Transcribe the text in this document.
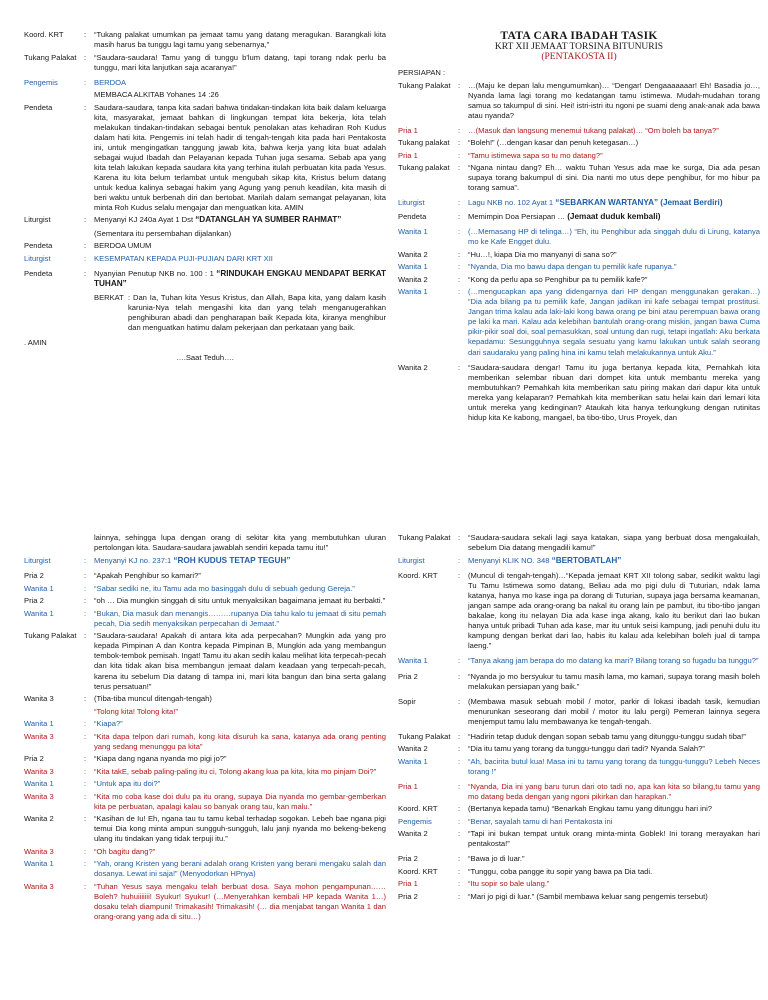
Koord. KRT	:	“Tukang palakat umumkan pa jemaat tamu yang datang meragukan. Barangkali kita masih harus ba tunggu lagi tamu yang sebenarnya,”
Tukang Palakat :	“Saudara-saudara! Tamu yang di tunggu b'lum datang, tapi torang ndak perlu ba tunggu, mari kita lanjutkan saja acaranya!”
Pengemis	:	BERDOA
MEMBACA ALKITAB Yohanes 14 :26
Pendeta	:	Saudara-saudara, tanpa kita sadari bahwa tindakan-tindakan kita baik dalam keluarga kita, masyarakat, jemaat bahkan di lingkungan tempat kita bekerja, kita telah melakukan tindakan-tindakan sebagai bentuk penolakan atas kehadiran Roh Kudus dalam hati kita. Pengemis ini telah hadir di tengah-tengah kita pada hari Pentakosta ini, untuk mengingatkan tanggung jawab kita, bahwa kerja yang kita buat adalah sebagai wujud Ibadah dan Pelayanan kepada Tuhan juga sesama. Sebab apa yang kita telah lakukan kepada saudara kita yang terhina itulah perbuatan kita pada Yesus. Karena itu kita belum terlambat untuk mengubah sikap kita, Kristus belum datang untuk kedua kalinya sebagai hakim yang Agung yang penuh keadilan, kita masih di beri waktu untuk berbenah diri dan bertobat. Marilah dalam semangat pelayanan, kita minta Roh Kudus selalu mengajar dan menguatkan kita. AMIN
Liturgist	:	Menyanyi KJ 240a Ayat 1 Dst “DATANGLAH YA SUMBER RAHMAT”
(Sementara itu persembahan dijalankan)
Pendeta	:	BERDOA UMUM
Liturgist	:	KESEMPATAN KEPADA PUJI-PUJIAN DARI KRT XII
Pendeta	:	Nyanyian Penutup NKB no. 100 : 1 “RINDUKAH ENGKAU MENDAPAT BERKAT TUHAN”
BERKAT : Dan Ia, Tuhan kita Yesus Kristus, dan Allah, Bapa kita, yang dalam kasih karunia-Nya telah mengasihi kita dan yang telah menganugerahkan penghiburan abadi dan pengharapan baik Kepada kita, kiranya menghibur dan menguatkan hatimu dalam pekerjaan dan perkataan yang baik.
. AMIN
….Saat Teduh….
TATA CARA IBADAH TASIK
KRT XII JEMAAT TORSINA BITUNURIS
(PENTAKOSTA II)
PERSIAPAN :
Tukang Palakat :	…(Maju ke depan lalu mengumumkan)… “Dengar! Dengaaaaaaar! Eh! Basadia jo…, Nyanda lama lagi torang mo kedatangan tamu istimewa. Mudah-mudahan torang samua so takumpul di sini. Hei! istri-istri itu ngoni pe suami deng anak-anak ada bawa atau nyanda?
Pria 1	:	…(Masuk dan langsung menemui tukang palakat)… “Om boleh ba tanya?”
Tukang palakat	:	“Boleh!” (…dengan kasar dan penuh ketegasan…)
Pria 1	:	“Tamu istimewa sapa so tu mo datang?”
Tukang palakat	:	“Ngana nintau dang? Eh… waktu Tuhan Yesus ada mae ke surga, Dia ada pesan supaya torang bakumpul di sini. Dia nanti mo utus depe penghibur, for mo hibur pa torang samua”.
Liturgist	:	Lagu NKB no. 102 Ayat 1 “SEBARKAN WARTANYA” (Jemaat Berdiri)
Pendeta	:	Memimpin Doa Persiapan … (Jemaat duduk kembali)
Wanita 1	:	(…Memasang HP di telinga…) “Eh, itu Penghibur ada singgah dulu di Lirung, katanya mo ke Kafe Engget dulu.
Wanita 2	:	“Hu…!, kiapa Dia mo manyanyi di sana so?”
Wanita 1	:	“Nyanda, Dia mo bawu dapa dengan tu pemilik kafe rupanya.”
Wanita 2	:	“Kong da perlu apa so Penghibur pa tu pemilik kafe?”
Wanita 1	:	(…mengucapkan apa yang didengarnya dari HP dengan menggunakan gerakan…) “Dia ada bilang pa tu pemilik kafe, Jangan jadikan ini kafe sebagai tempat prostitusi. Jangan trima kalau ada laki-laki kong bawa orang pe bini atau perempuan bawa orang pe laki ka mari. Kalau ada kelebihan bantulah orang-orang miskin, jangan bawa Cuma pikir-pikir soal doi, soal pemasukkan, soal untung dan rugi, tetapi ingatlah: Aku berkata kepadamu: Sesungguhnya segala sesuatu yang kamu lakukan untuk salah seorang dari saudaraku yang paling hina ini kamu telah melakukannya untuk Aku.”
Wanita 2	:	“Saudara-saudara dengar! Tamu itu juga bertanya kepada kita, Pernahkah kita memberikan selembar ribuan dari dompet kita untuk membantu mereka yang membutuhkan? Pemahkah kita memberikan satu piring makan dari dapur kita untuk mereka yang kelaparan? Pemahkah kita memberikan satu helai kain dari lemari kita untuk mereka yang kedinginan? Ataukah kita hanya terkungkung dengan rutinitas hidup kita Ke kabong, mangael, ba tibo-tibo, Urus Proyek, dan
lainnya, sehingga lupa dengan orang di sekitar kita yang membutuhkan uluran pertolongan kita. Saudara-saudara jawablah sendiri kepada tamu itu!”
Liturgist	:	Menyanyi KJ no. 237:1 “ROH KUDUS TETAP TEGUH”
Pria 2	:	“Apakah Penghibur so kamari?”
Wanita 1	:	“Sabar sediki ne, itu Tamu ada mo basinggah dulu di sebuah gedung Gereja.”
Pria 2	:	“oh … Dia mungkin singgah di situ untuk menyaksikan bagaimana jemaat itu berbakti.”
Wanita 1	:	“Bukan, Dia masuk dan menangis………rupanya Dia tahu kalo tu jemaat di situ pemah pecah, Dia sedih menyaksikan perpecahan di Jemaat.”
Tukang Palakat :	“Saudara-saudara! Apakah di antara kita ada perpecahan? Mungkin ada yang pro kepada Pimpinan A dan Kontra kepada Pimpinan B, Mungkin ada yang membangun tembok-tembok pemisah. Ingat! Tamu itu akan sedih kalau melihat kita terpecah-pecah dan kita tidak akan bisa membangun jemaat dalam keadaan yang terpecah-pecah, karena itu sebelum Dia datang di tampa ini, mari kita bangun dan bina serta galang terus persatuan!”
Wanita 3	:	(Tiba-tiba muncul ditengah-tengah)
“Tolong kita! Tolong kita!”
Wanita 1	:	“Kiapa?”
Wanita 3	:	“Kita dapa telpon dari rumah, kong kita disuruh ka sana, katanya ada orang penting yang sedang menunggu pa kita”
Pria 2	:	“Kiapa dang ngana nyanda mo pigi jo?”
Wanita 3	:	“Kita takE, sebab paling-paling itu ci, Tolong akang kua pa kita, kita mo pinjam Doi?”
Wanita 1	:	“Untuk apa itu doi?”
Wanita 3	:	“Kita mo coba kase doi dulu pa itu orang, supaya Dia nyanda mo gembar-gemberkan kita pe perbuatan, apalagi kalau so banyak orang tau, kan malu.”
Wanita 2	:	“Kasihan de Iu! Eh, ngana tau tu tamu kebal terhadap sogokan. Lebeh bae ngana pigi temui Dia kong minta ampun sungguh-sungguh, lalu janji nyanda mo bekeng-bekeng ulang itu tindakan yang tidak terpuji itu.”
Wanita 3	:	“Oh bagitu dang?”
Wanita 1	:	“Yah, orang Kristen yang berani adalah orang Kristen yang berani mengaku salah dan dosanya. Lewat ini saja!” (Menyodorkan HPnya)
Wanita 3	:	“Tuhan Yesus saya mengaku telah berbuat dosa. Saya mohon pengampunan……Boleh? huhuiiiiiii! Syukur! Syukur! (…Menyerahkan kembali HP kepada Wanita 1…) dosaku telah diampuni! Trimakasih! Trimakasih! (… dia menjabat tangan Wanita 1 dan orang-orang yang ada di situ…)
Tukang Palakat :	“Saudara-saudara sekali lagi saya katakan, siapa yang berbuat dosa mengakuilah, sebelum Dia datang mengadili kamu!”
Liturgist	:	Menyanyi KLIK NO. 348 “BERTOBATLAH”
Koord. KRT	:	(Muncul di tengah-tengah)…“Kepada jemaat KRT XII tolong sabar, sedikit waktu lagi Tu Tamu Istimewa somo datang, Beliau ada mo pigi dulu di Tuturian, ndak lama katanya, hanya mo kase inga pa dorang di Tuturian, supaya jaga bersama keamanan, jangan sampe ada orang-orang ba nakal itu orang lain pe pambut, itu tibo-tibo jangan bakalae, kong itu nelayan Dia ada kase inga akang, kalo itu berikut dari lao bukan hanya untuk pribadi Tuhan ada kase, mar itu untuk seisi kampung, jadi penuhi dulu itu kampung dengan berkat dari lao, habis itu kalau ada kelebihan boleh jual di tampa laeng.”
Wanita 1	:	“Tanya akang jam berapa do mo datang ka mari? Bilang torang so fugadu ba tunggu?”
Pria 2	:	“Nyanda jo mo bersyukur tu tamu masih lama, mo kamari, supaya torang masih boleh melakukan persiapan yang baik.”
Sopir	:	(Membawa masuk sebuah mobil / motor, parkir di lokasi ibadah tasik, kemudian menurunkan seseorang dari mobil / motor itu lalu pergi) Pemeran lainnya segera menjemput tamu lalu membawanya ke tengah-tengah.
Tukang Palakat :	“Hadirin tetap duduk dengan sopan sebab tamu yang ditunggu-tunggu sudah tiba!”
Wanita 2	:	“Dia itu tamu yang torang da tunggu-tunggu dari tadi? Nyanda Salah?”
Wanita 1	:	“Ah, bacirita butul kua! Masa ini tu tamu yang torang da tunggu-tunggu? Lebeh Neces torang !”
Pria 1	:	“Nyanda, Dia ini yang baru turun dari oto tadi no, apa kan kita so bilang,tu tamu yang mo datang beda dengan yang ngoni pikirkan dan harapkan.”
Koord. KRT	:	(Bertanya kepada tamu) “Benarkah Engkau tamu yang ditunggu hari ini?
Pengemis	:	“Benar, sayalah tamu di hari Pentakosta ini
Wanita 2	:	“Tapi ini bukan tempat untuk orang minta-minta Goblek! Ini torang merayakan hari pentakosta!”
Pria 2	:	“Bawa jo di luar.”
Koord. KRT	:	“Tunggu, coba pangge itu sopir yang bawa pa Dia tadi.
Pria 1	:	“Itu sopir so bale ulang.”
Pria 2	:	“Mari jo pigi di luar.” (Sambil membawa keluar sang pengemis tersebut)
